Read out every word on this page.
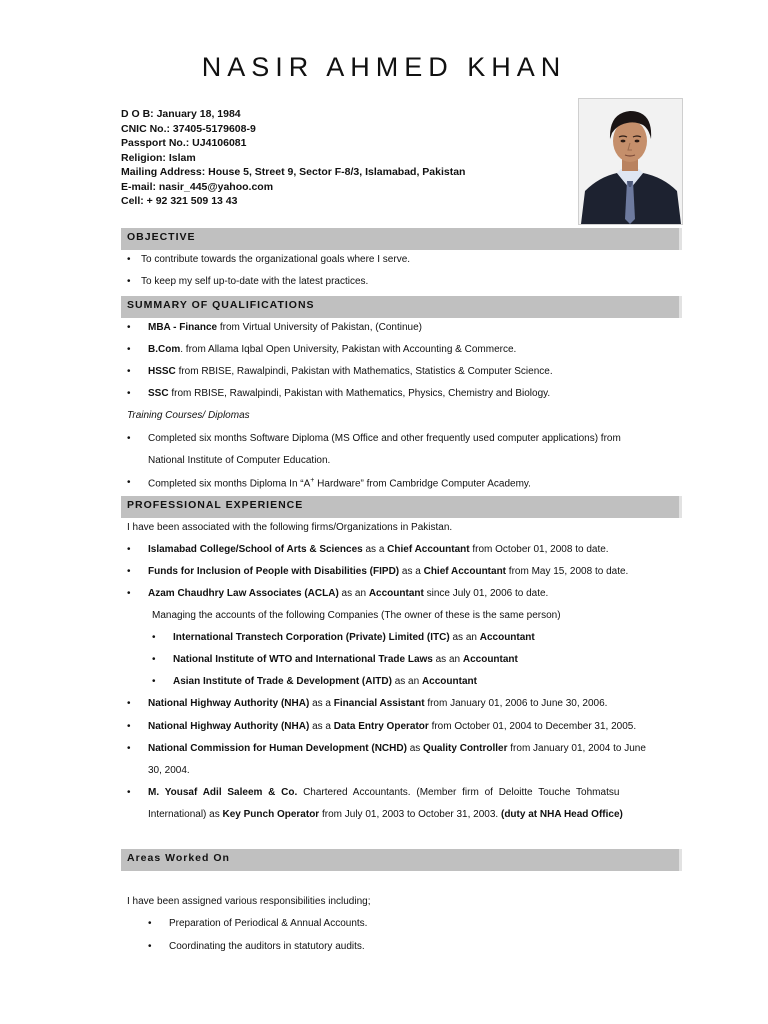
NASIR AHMED KHAN
D O B: January 18, 1984
CNIC No.: 37405-5179608-9
Passport No.: UJ4106081
Religion: Islam
Mailing Address: House 5, Street 9, Sector F-8/3, Islamabad, Pakistan
E-mail: nasir_445@yahoo.com
Cell: + 92 321 509 13 43
OBJECTIVE
• To contribute towards the organizational goals where I serve.
• To keep my self up-to-date with the latest practices.
SUMMARY OF QUALIFICATIONS
• MBA - Finance from Virtual University of Pakistan, (Continue)
• B.Com. from Allama Iqbal Open University, Pakistan with Accounting & Commerce.
• HSSC from RBISE, Rawalpindi, Pakistan with Mathematics, Statistics & Computer Science.
• SSC from RBISE, Rawalpindi, Pakistan with Mathematics, Physics, Chemistry and Biology.
Training Courses/ Diplomas
• Completed six months Software Diploma (MS Office and other frequently used computer applications) from
National Institute of Computer Education.
• Completed six months Diploma In “A+ Hardware” from Cambridge Computer Academy.
PROFESSIONAL EXPERIENCE
I have been associated with the following firms/Organizations in Pakistan.
• Islamabad College/School of Arts & Sciences as a Chief Accountant from October 01, 2008 to date.
• Funds for Inclusion of People with Disabilities (FIPD) as a Chief Accountant from May 15, 2008 to date.
• Azam Chaudhry Law Associates (ACLA) as an Accountant since July 01, 2006 to date.
Managing the accounts of the following Companies (The owner of these is the same person)
• International Transtech Corporation (Private) Limited (ITC) as an Accountant
• National Institute of WTO and International Trade Laws as an Accountant
• Asian Institute of Trade & Development (AITD) as an Accountant
• National Highway Authority (NHA) as a Financial Assistant from January 01, 2006 to June 30, 2006.
• National Highway Authority (NHA) as a Data Entry Operator from October 01, 2004 to December 31, 2005.
• National Commission for Human Development (NCHD) as Quality Controller from January 01, 2004 to June
30, 2004.
• M. Yousaf Adil Saleem & Co. Chartered Accountants. (Member firm of Deloitte Touche Tohmatsu
International) as Key Punch Operator from July 01, 2003 to October 31, 2003. (duty at NHA Head Office)
Areas Worked On
I have been assigned various responsibilities including;
• Preparation of Periodical & Annual Accounts.
• Coordinating the auditors in statutory audits.
